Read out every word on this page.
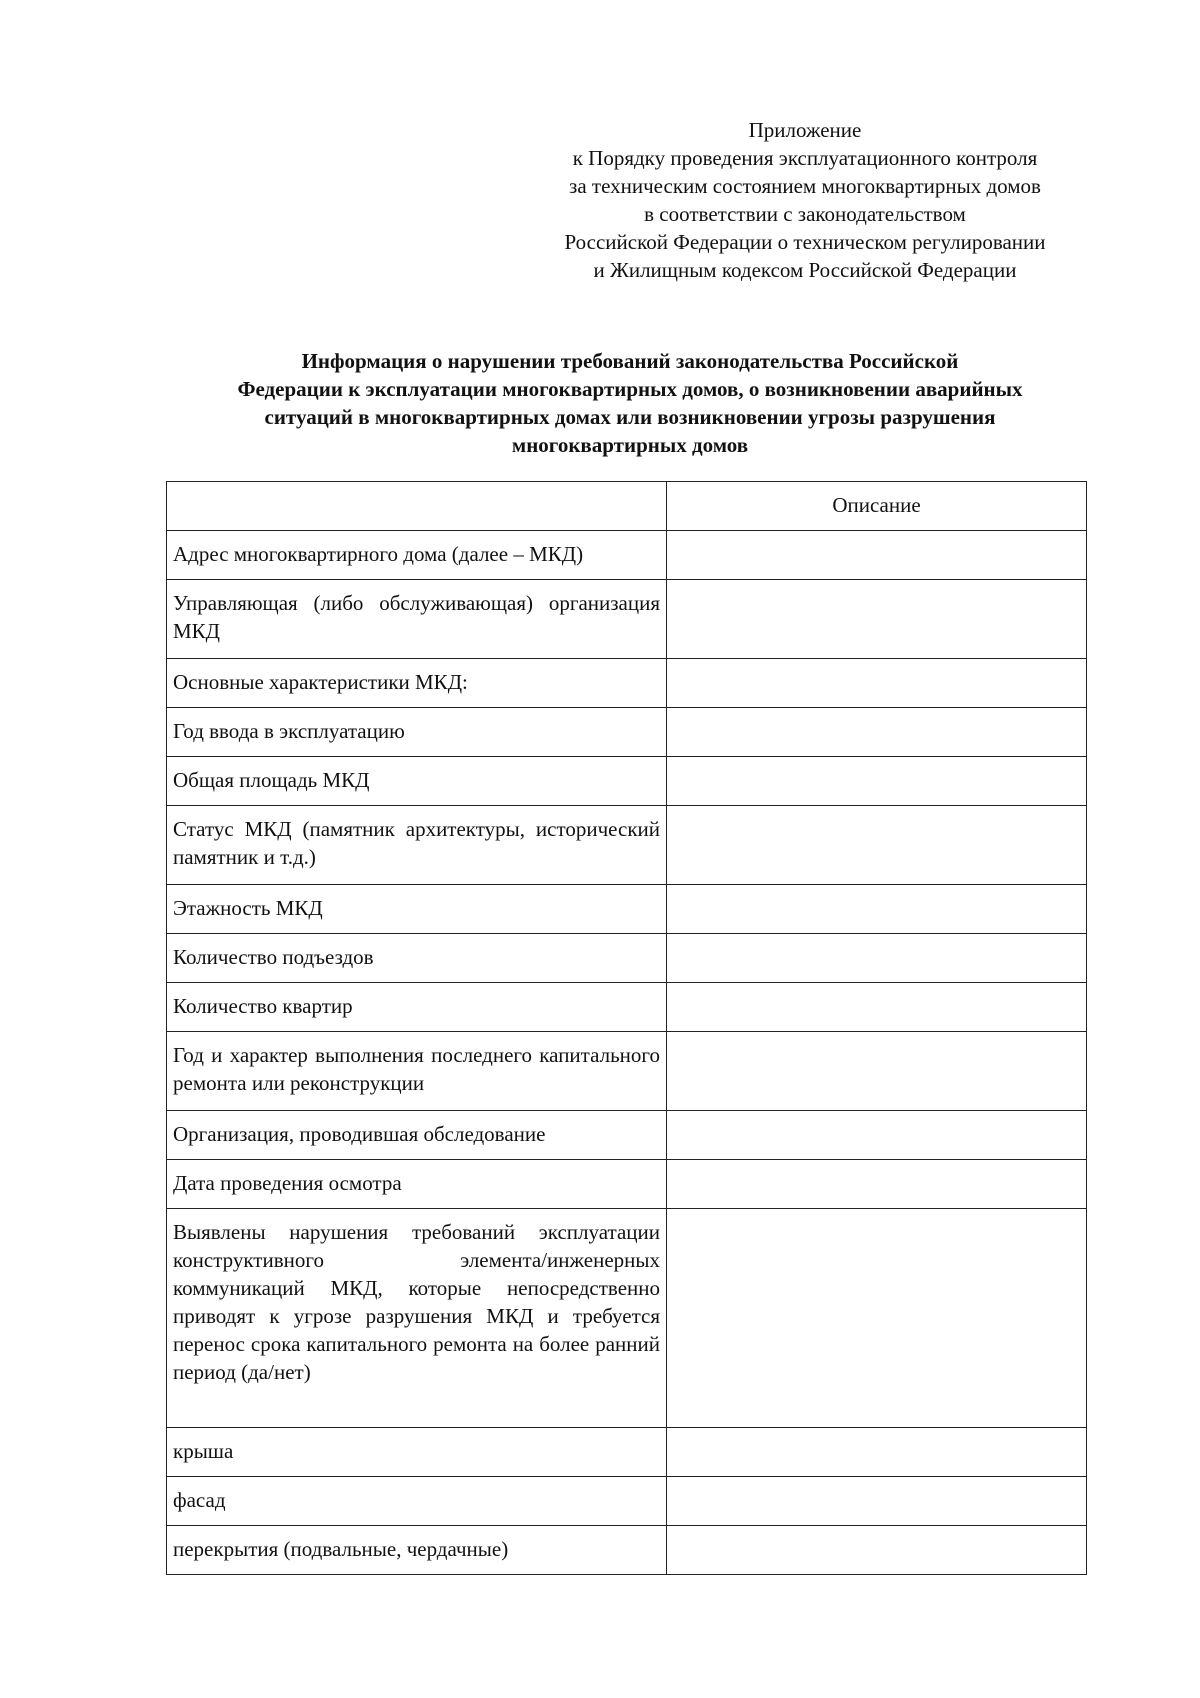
Приложение
к Порядку проведения эксплуатационного контроля
за техническим состоянием многоквартирных домов
в соответствии с законодательством
Российской Федерации о техническом регулировании
и Жилищным кодексом Российской Федерации
Информация о нарушении требований законодательства Российской
Федерации к эксплуатации многоквартирных домов, о возникновении аварийных
ситуаций в многоквартирных домах или возникновении угрозы разрушения
многоквартирных домов
	Описание
Адрес многоквартирного дома (далее – МКД)	
Управляющая (либо обслуживающая) организация МКД	
Основные характеристики МКД:	
Год ввода в эксплуатацию	
Общая площадь МКД	
Статус МКД (памятник архитектуры, исторический памятник и т.д.)	
Этажность МКД	
Количество подъездов	
Количество квартир	
Год и характер выполнения последнего капитального ремонта или реконструкции	
Организация, проводившая обследование	
Дата проведения осмотра	
Выявлены нарушения требований эксплуатации конструктивного элемента/инженерных коммуникаций МКД, которые непосредственно приводят к угрозе разрушения МКД и требуется перенос срока капитального ремонта на более ранний период (да/нет)	
крыша	
фасад	
перекрытия (подвальные, чердачные)	
